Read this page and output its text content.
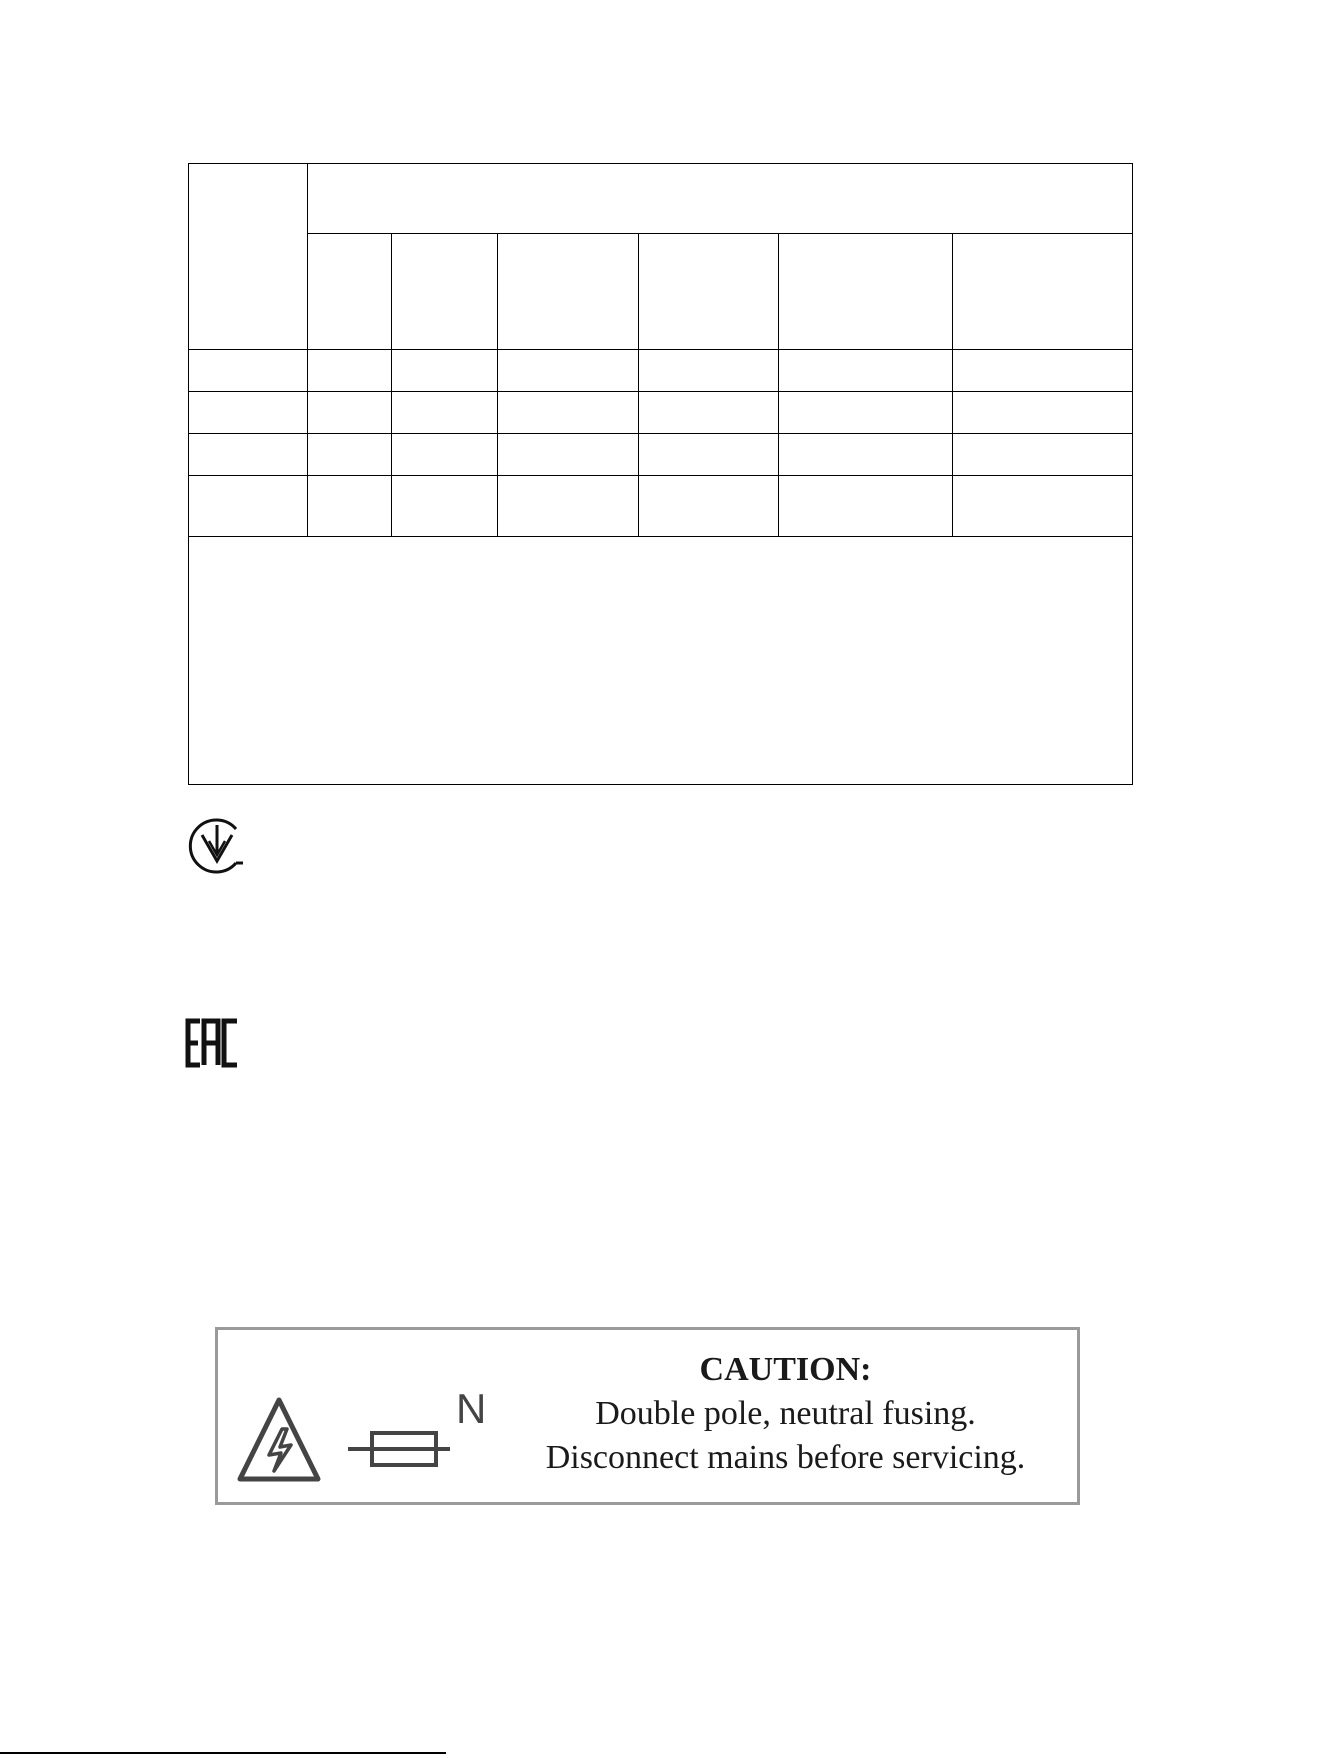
N
CAUTION:
Double pole, neutral fusing.
Disconnect mains before servicing.
